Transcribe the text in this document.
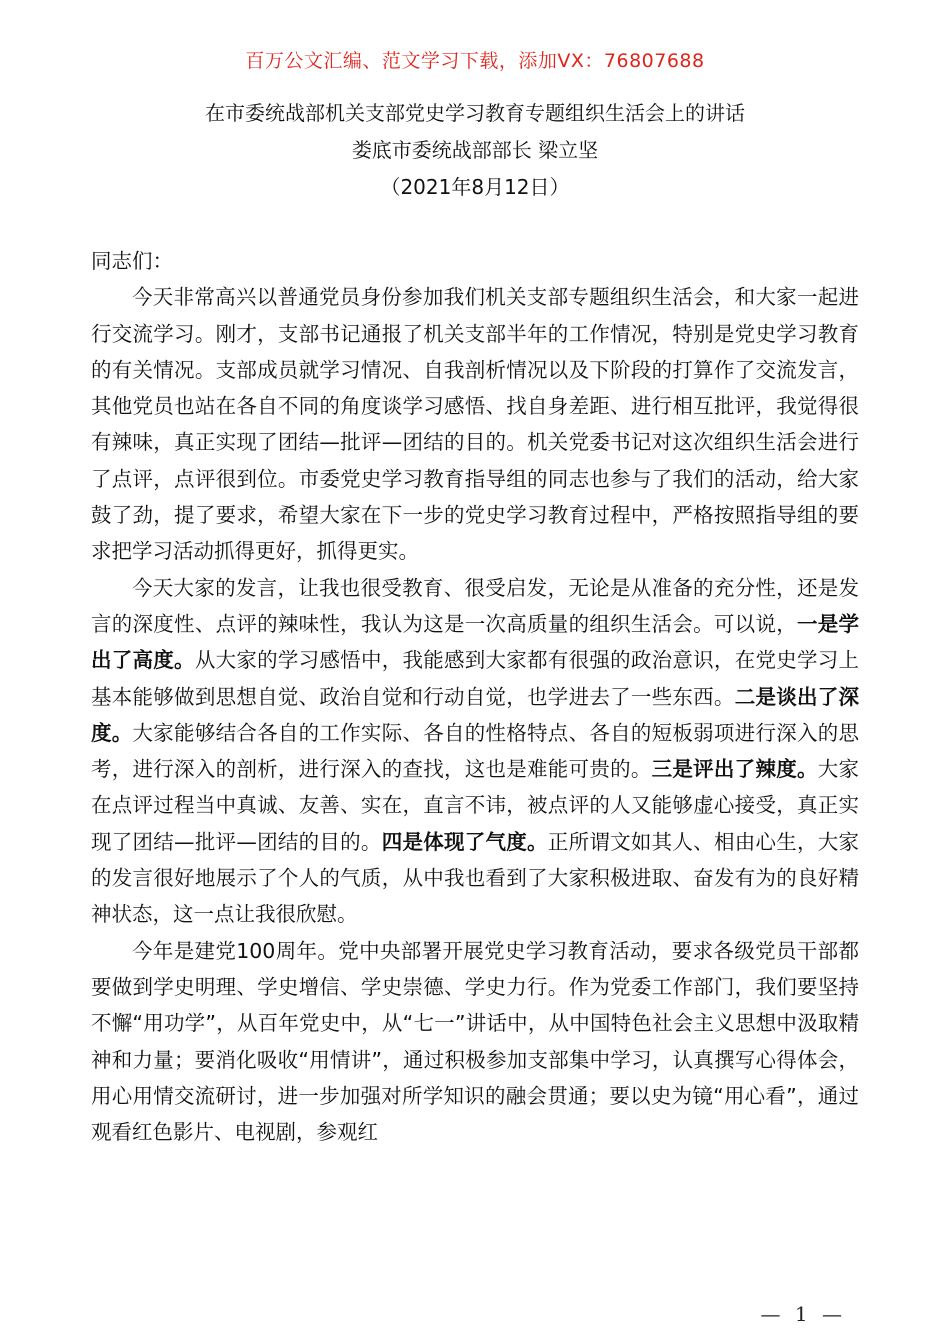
百万公文汇编、范文学习下载，添加VX：76807688
在市委统战部机关支部党史学习教育专题组织生活会上的讲话
娄底市委统战部部长 梁立坚
（2021年8月12日）

同志们：

今天非常高兴以普通党员身份参加我们机关支部专题组织生活会，和大家一起进行交流学习。刚才，支部书记通报了机关支部半年的工作情况，特别是党史学习教育的有关情况。支部成员就学习情况、自我剖析情况以及下阶段的打算作了交流发言，其他党员也站在各自不同的角度谈学习感悟、找自身差距、进行相互批评，我觉得很有辣味，真正实现了团结—批评—团结的目的。机关党委书记对这次组织生活会进行了点评，点评很到位。市委党史学习教育指导组的同志也参与了我们的活动，给大家鼓了劲，提了要求，希望大家在下一步的党史学习教育过程中，严格按照指导组的要求把学习活动抓得更好，抓得更实。

今天大家的发言，让我也很受教育、很受启发，无论是从准备的充分性，还是发言的深度性、点评的辣味性，我认为这是一次高质量的组织生活会。可以说，一是学出了高度。从大家的学习感悟中，我能感到大家都有很强的政治意识，在党史学习上基本能够做到思想自觉、政治自觉和行动自觉，也学进去了一些东西。二是谈出了深度。大家能够结合各自的工作实际、各自的性格特点、各自的短板弱项进行深入的思考，进行深入的剖析，进行深入的查找，这也是难能可贵的。三是评出了辣度。大家在点评过程当中真诚、友善、实在，直言不讳，被点评的人又能够虚心接受，真正实现了团结—批评—团结的目的。四是体现了气度。正所谓文如其人、相由心生，大家的发言很好地展示了个人的气质，从中我也看到了大家积极进取、奋发有为的良好精神状态，这一点让我很欣慰。

今年是建党100周年。党中央部署开展党史学习教育活动，要求各级党员干部都要做到学史明理、学史增信、学史崇德、学史力行。作为党委工作部门，我们要坚持不懈“用功学”，从百年党史中，从“七一”讲话中，从中国特色社会主义思想中汲取精神和力量；要消化吸收“用情讲”，通过积极参加支部集中学习，认真撰写心得体会，用心用情交流研讨，进一步加强对所学知识的融会贯通；要以史为镜“用心看”，通过观看红色影片、电视剧，参观红

— 1 —
